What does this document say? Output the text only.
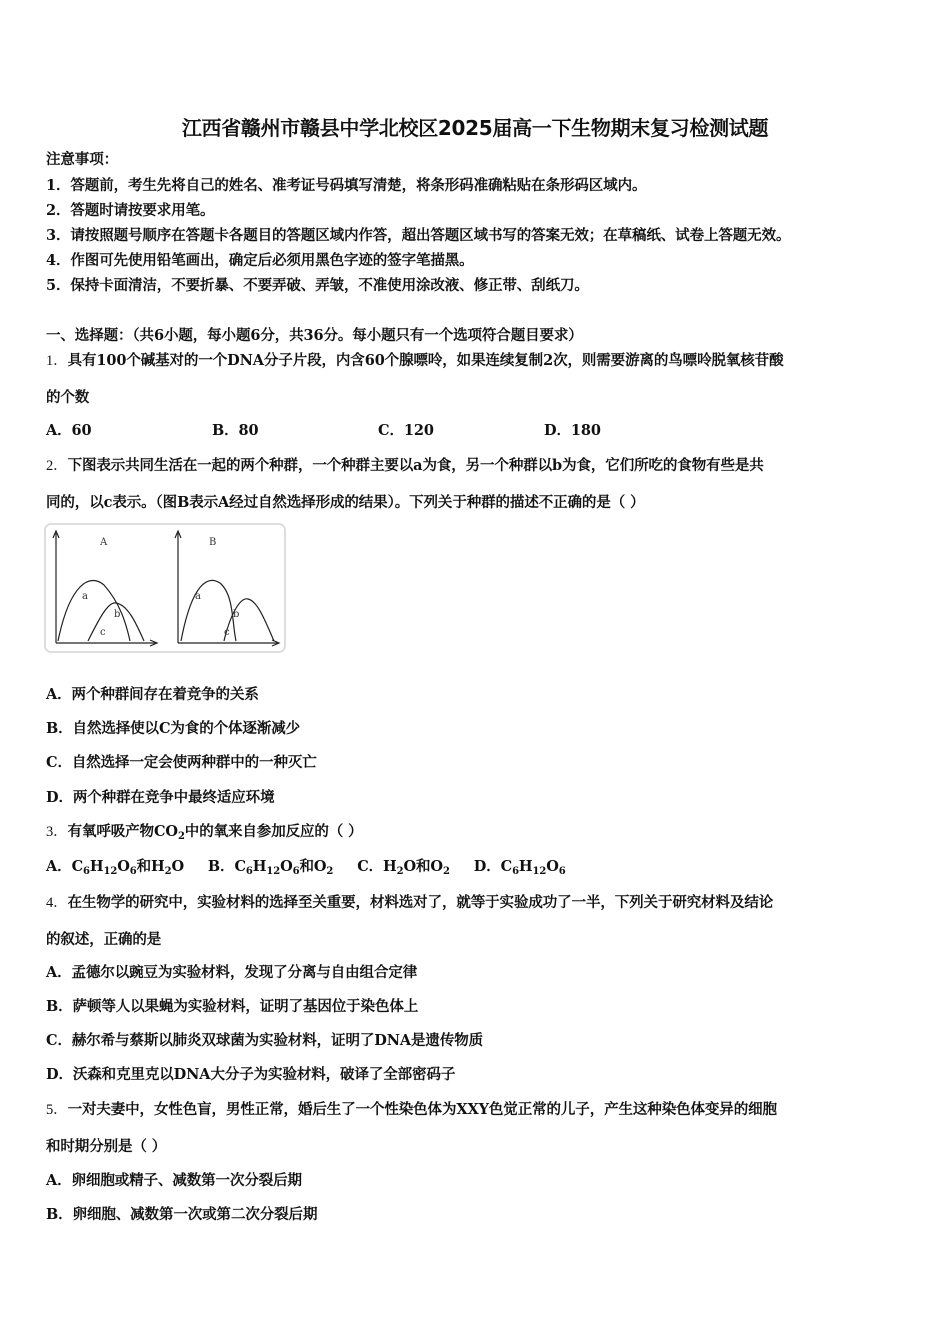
江西省赣州市赣县中学北校区2025届高一下生物期末复习检测试题
注意事项：
1．答题前，考生先将自己的姓名、准考证号码填写清楚，将条形码准确粘贴在条形码区域内。
2．答题时请按要求用笔。
3．请按照题号顺序在答题卡各题目的答题区域内作答，超出答题区域书写的答案无效；在草稿纸、试卷上答题无效。
4．作图可先使用铅笔画出，确定后必须用黑色字迹的签字笔描黑。
5．保持卡面清洁，不要折暴、不要弄破、弄皱，不准使用涂改液、修正带、刮纸刀。
一、选择题：（共6小题，每小题6分，共36分。每小题只有一个选项符合题目要求）
1．具有100个碱基对的一个DNA分子片段，内含60个腺嘌呤，如果连续复制2次，则需要游离的鸟嘌呤脱氧核苷酸
的个数
A．60	B．80	C．120	D．180
2．下图表示共同生活在一起的两个种群，一个种群主要以a为食，另一个种群以b为食，它们所吃的食物有些是共
同的，以c表示。（图B表示A经过自然选择形成的结果）。下列关于种群的描述不正确的是（ ）
A
a
b
c
B
a
b
c
A．两个种群间存在着竞争的关系
B．自然选择使以C为食的个体逐渐减少
C．自然选择一定会使两种群中的一种灭亡
D．两个种群在竞争中最终适应环境
3．有氧呼吸产物$CO_2$中的氧来自参加反应的（ ）
A．$C_6H_{12}O_6$和$H_2O$ B．$C_6H_{12}O_6$和$O_2$ C．$H_2O$和$O_2$ D．$C_6H_{12}O_6$
4．在生物学的研究中，实验材料的选择至关重要，材料选对了，就等于实验成功了一半，下列关于研究材料及结论
的叙述，正确的是
A．孟德尔以豌豆为实验材料，发现了分离与自由组合定律
B．萨顿等人以果蝇为实验材料，证明了基因位于染色体上
C．赫尔希与蔡斯以肺炎双球菌为实验材料，证明了DNA是遗传物质
D．沃森和克里克以DNA大分子为实验材料，破译了全部密码子
5．一对夫妻中，女性色盲，男性正常，婚后生了一个性染色体为XXY色觉正常的儿子，产生这种染色体变异的细胞
和时期分别是（ ）
A．卵细胞或精子、减数第一次分裂后期
B．卵细胞、减数第一次或第二次分裂后期
